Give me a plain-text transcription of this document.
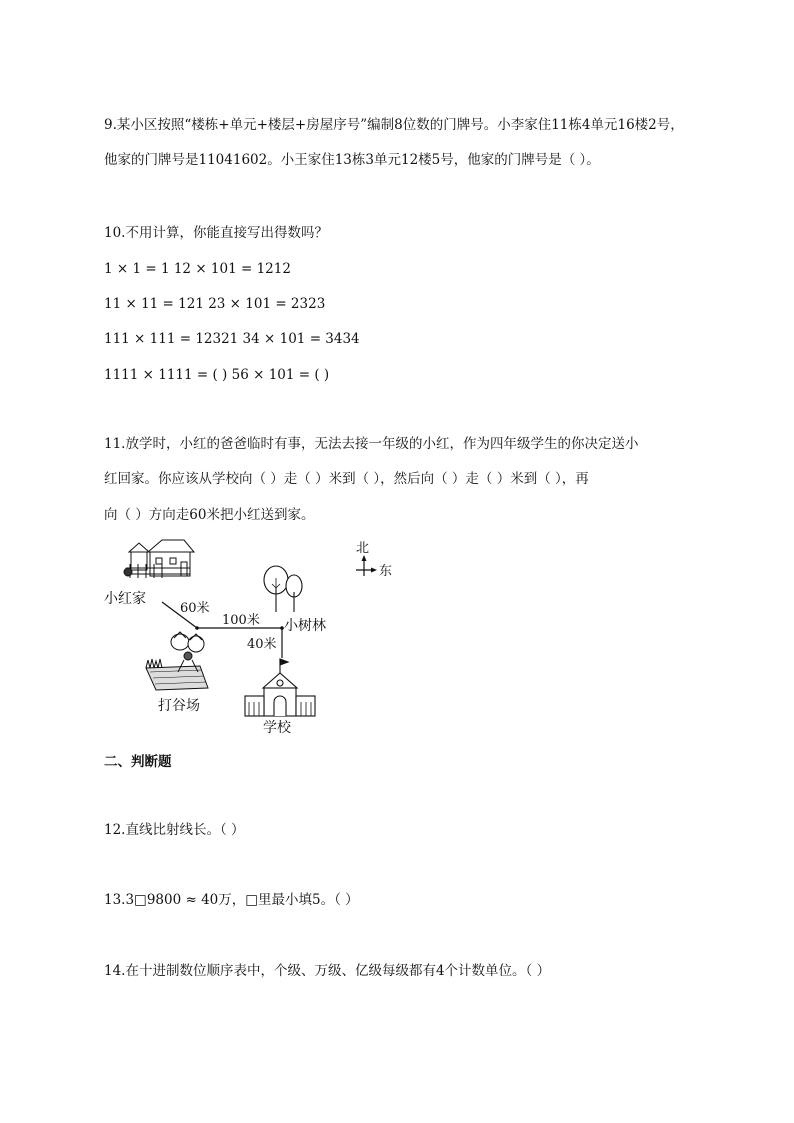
9.某小区按照“楼栋+单元+楼层+房屋序号”编制8位数的门牌号。小李家住11栋4单元16楼2号，
他家的门牌号是11041602。小王家住13栋3单元12楼5号，他家的门牌号是（ ）。
10.不用计算，你能直接写出得数吗？
1 × 1 = 1 12 × 101 = 1212
11 × 11 = 121 23 × 101 = 2323
111 × 111 = 12321 34 × 101 = 3434
1111 × 1111 = ( ) 56 × 101 = ( )
11.放学时，小红的爸爸临时有事，无法去接一年级的小红，作为四年级学生的你决定送小
红回家。你应该从学校向（ ）走（ ）米到（ ），然后向（ ）走（ ）米到（ ），再
向（ ）方向走60米把小红送到家。
北
东
小红家
60米
100米
40米
小树林
打谷场
学校
二、判断题
12.直线比射线长。（ ）
13.3□9800 ≈ 40万，□里最小填5。（ ）
14.在十进制数位顺序表中，个级、万级、亿级每级都有4个计数单位。（ ）
